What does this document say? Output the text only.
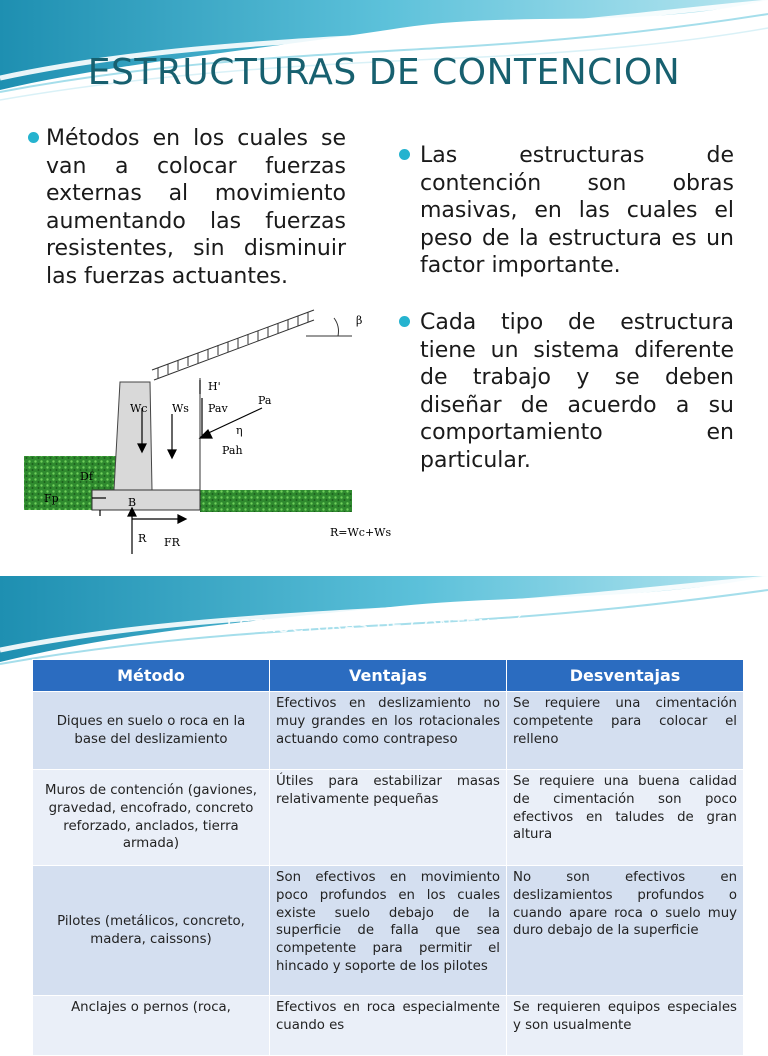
ESTRUCTURAS DE CONTENCION

Métodos en los cuales se van a colocar fuerzas externas al movimiento aumentando las fuerzas resistentes, sin disminuir las fuerzas actuantes.

Las estructuras de contención son obras masivas, en las cuales el peso de la estructura es un factor importante.

Cada tipo de estructura tiene un sistema diferente de trabajo y se deben diseñar de acuerdo a su comportamiento en particular.

β
H'
Pa
Pav
η
Pah
Wc Ws
Df
Fp	B
R FR
R=Wc+Ws
ESTRUCTURAS DE CONTENCIÓN
Método	Ventajas	Desventajas
Diques en suelo o roca en la base del deslizamiento	Efectivos en deslizamiento no muy grandes en los rotacionales actuando como contrapeso	Se requiere una cimentación competente para colocar el relleno
Muros de contención (gaviones, gravedad, encofrado, concreto reforzado, anclados, tierra armada)	Útiles para estabilizar masas relativamente pequeñas	Se requiere una buena calidad de cimentación son poco efectivos en taludes de gran altura
Pilotes (metálicos, concreto, madera, caissons)	Son efectivos en movimiento poco profundos en los cuales existe suelo debajo de la superficie de falla que sea competente para permitir el hincado y soporte de los pilotes	No son efectivos en deslizamientos profundos o cuando apare roca o suelo muy duro debajo de la superficie
Anclajes o pernos (roca,	Efectivos en roca especialmente cuando es	Se requieren equipos especiales y son usualmente
